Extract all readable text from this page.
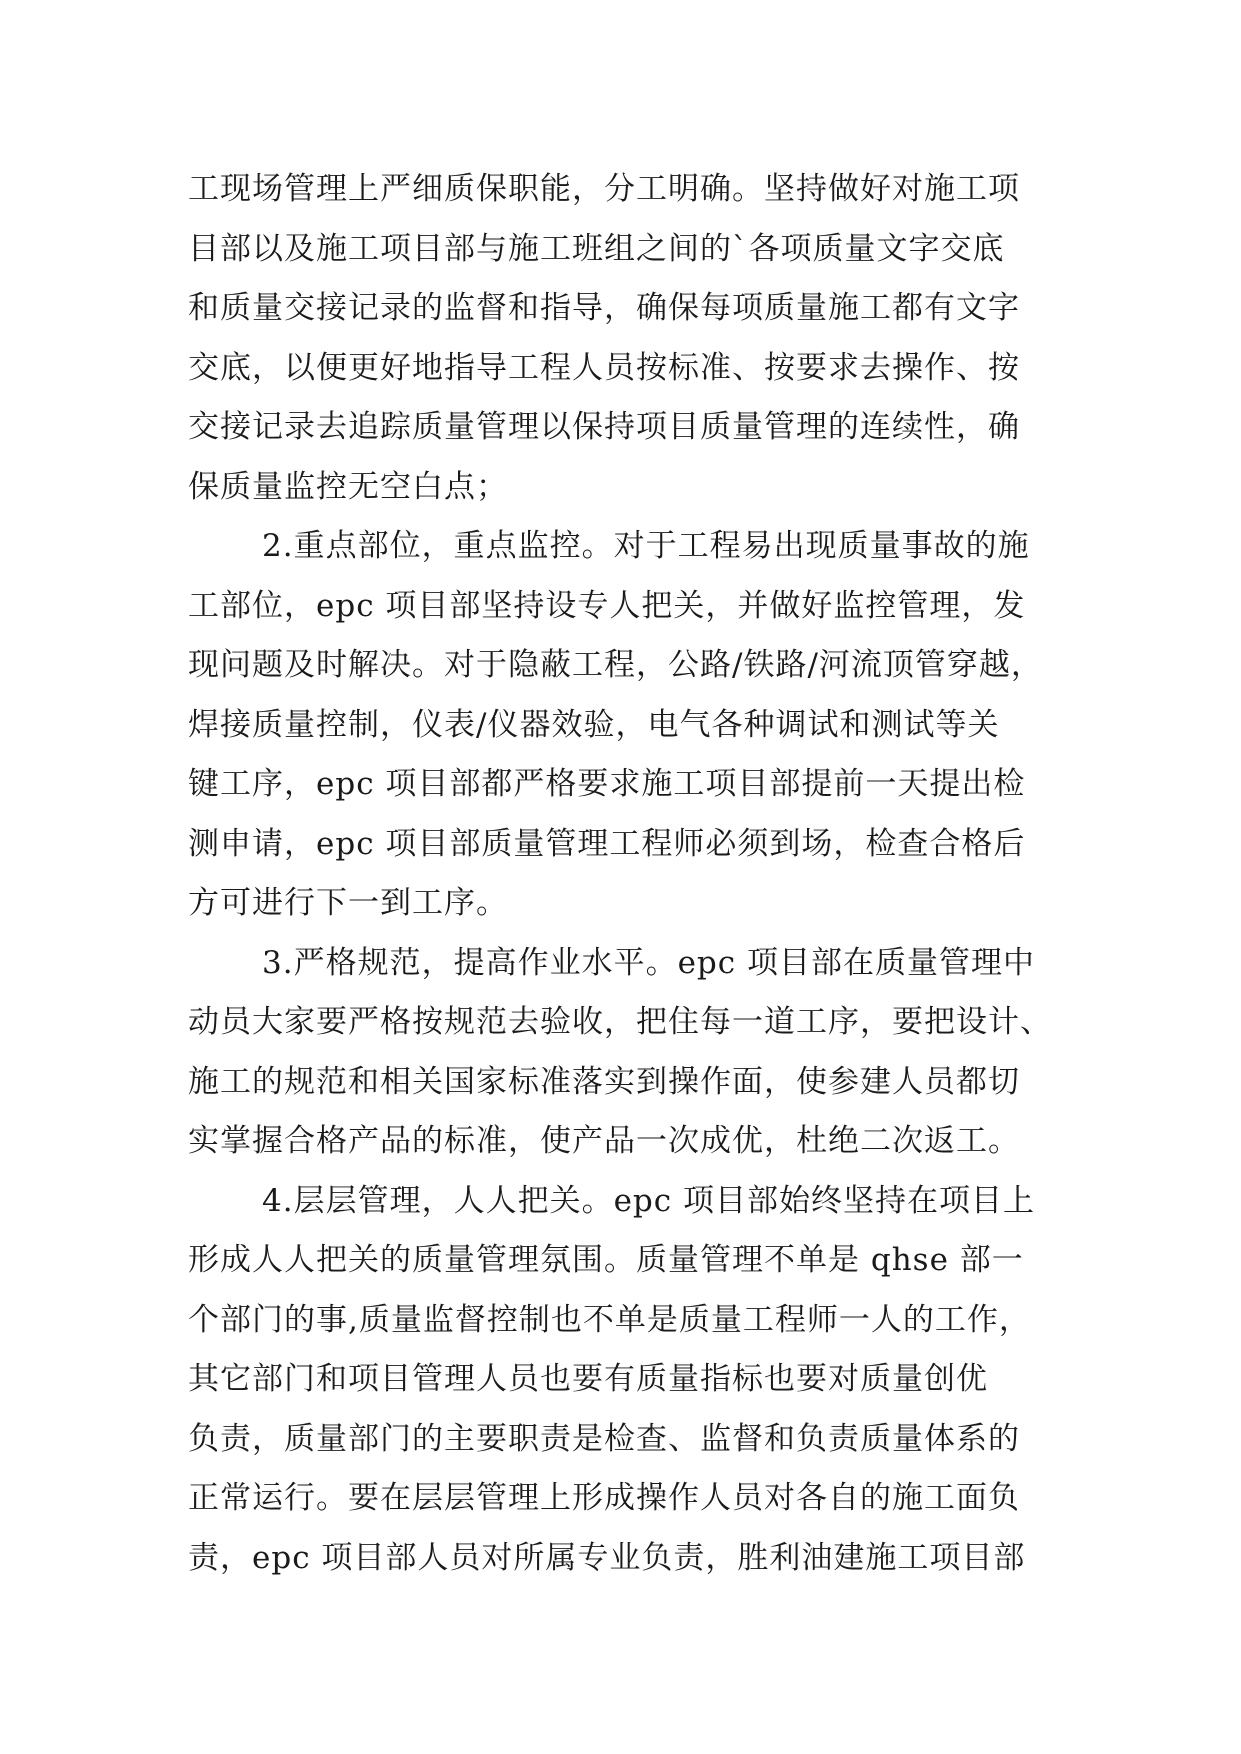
工现场管理上严细质保职能，分工明确。坚持做好对施工项
目部以及施工项目部与施工班组之间的`各项质量文字交底
和质量交接记录的监督和指导，确保每项质量施工都有文字
交底，以便更好地指导工程人员按标准、按要求去操作、按
交接记录去追踪质量管理以保持项目质量管理的连续性，确
保质量监控无空白点；
2.重点部位，重点监控。对于工程易出现质量事故的施
工部位，epc 项目部坚持设专人把关，并做好监控管理，发
现问题及时解决。对于隐蔽工程，公路/铁路/河流顶管穿越，
焊接质量控制，仪表/仪器效验，电气各种调试和测试等关
键工序，epc 项目部都严格要求施工项目部提前一天提出检
测申请，epc 项目部质量管理工程师必须到场，检查合格后
方可进行下一到工序。
3.严格规范，提高作业水平。epc 项目部在质量管理中
动员大家要严格按规范去验收，把住每一道工序，要把设计、
施工的规范和相关国家标准落实到操作面，使参建人员都切
实掌握合格产品的标准，使产品一次成优，杜绝二次返工。
4.层层管理，人人把关。epc 项目部始终坚持在项目上
形成人人把关的质量管理氛围。质量管理不单是 qhse 部一
个部门的事,质量监督控制也不单是质量工程师一人的工作，
其它部门和项目管理人员也要有质量指标也要对质量创优
负责，质量部门的主要职责是检查、监督和负责质量体系的
正常运行。要在层层管理上形成操作人员对各自的施工面负
责，epc 项目部人员对所属专业负责，胜利油建施工项目部
